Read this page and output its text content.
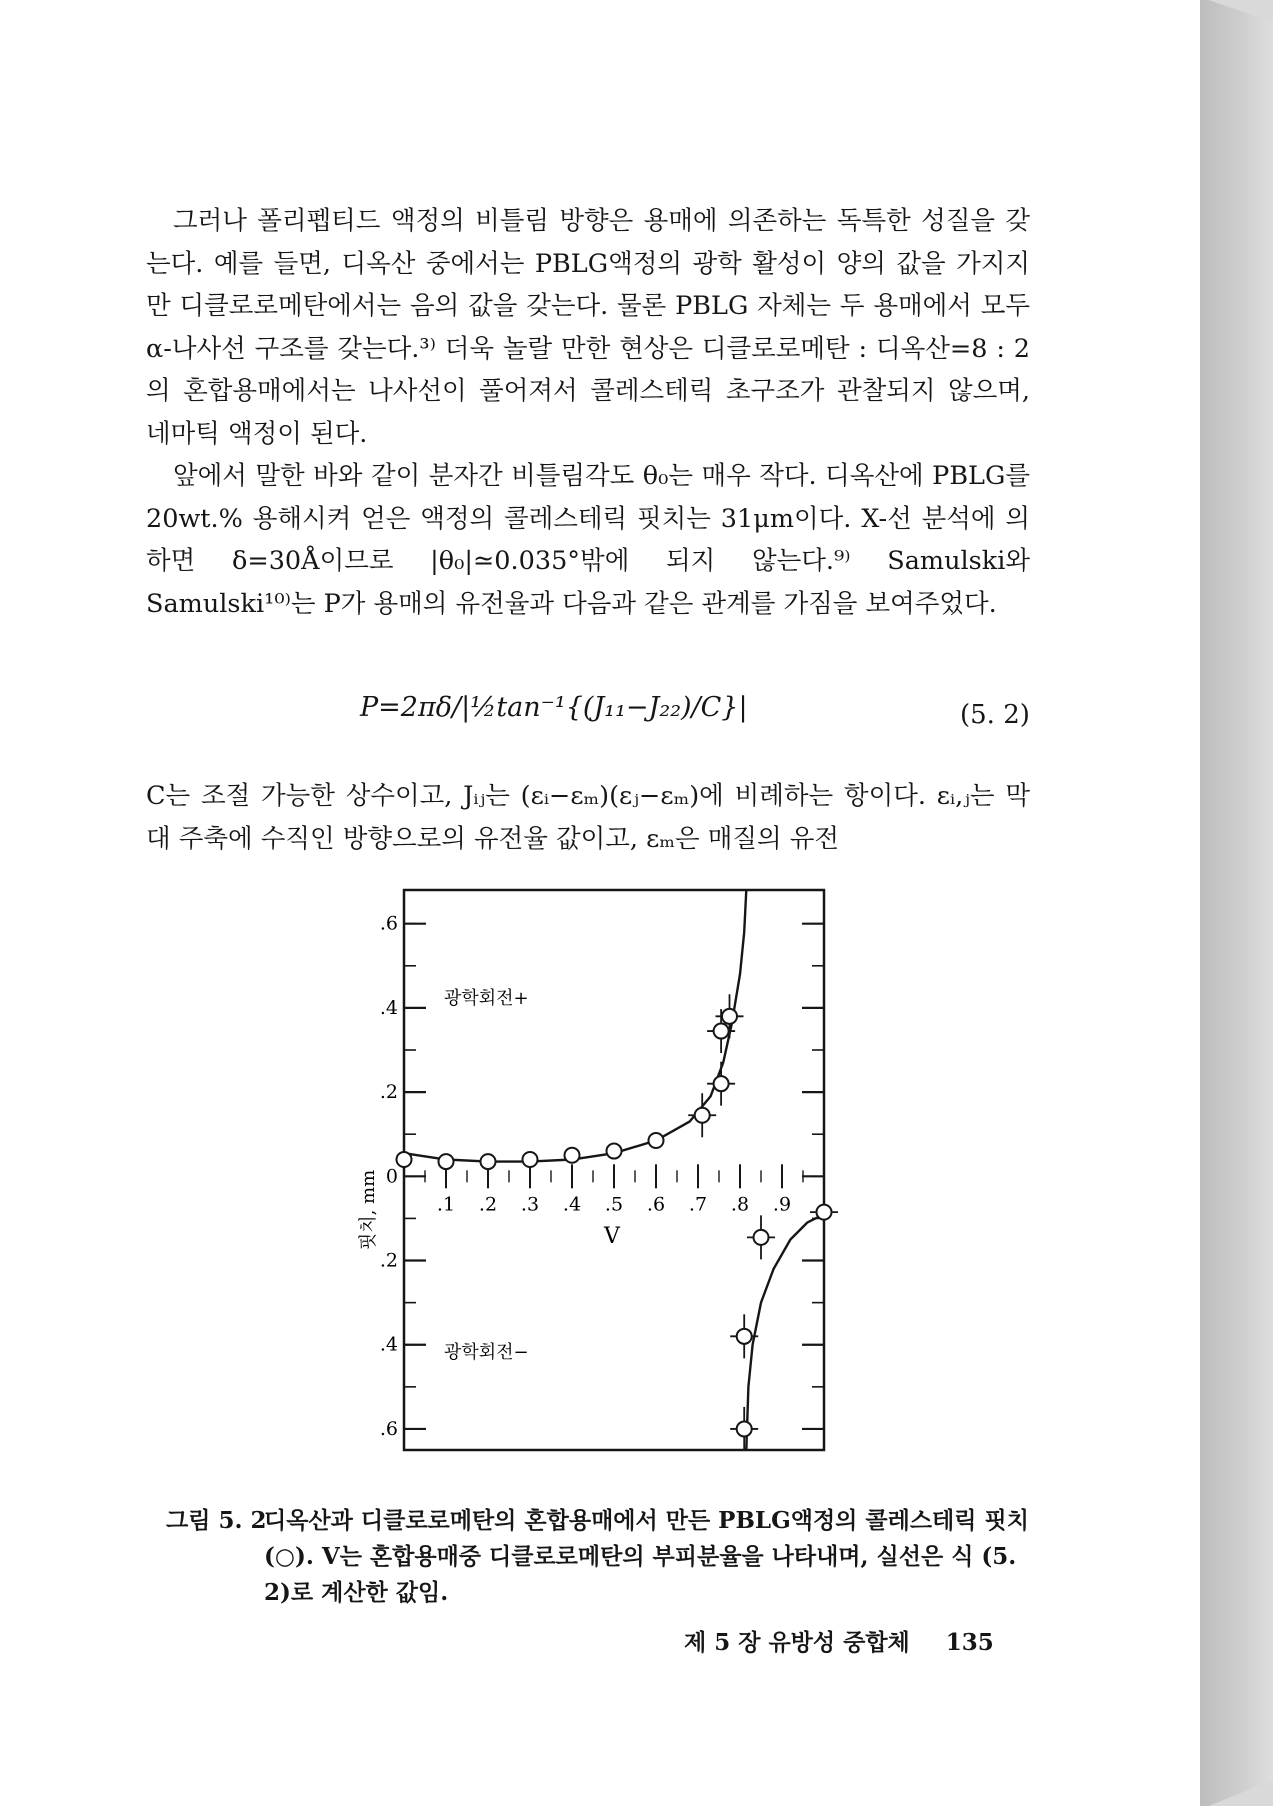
그러나 폴리펩티드 액정의 비틀림 방향은 용매에 의존하는 독특한 성질을 갖는다. 예를 들면, 디옥산 중에서는 PBLG액정의 광학 활성이 양의 값을 가지지만 디클로로메탄에서는 음의 값을 갖는다. 물론 PBLG 자체는 두 용매에서 모두 α-나사선 구조를 갖는다.³⁾ 더욱 놀랄 만한 현상은 디클로로메탄 : 디옥산=8 : 2의 혼합용매에서는 나사선이 풀어져서 콜레스테릭 초구조가 관찰되지 않으며, 네마틱 액정이 된다.

앞에서 말한 바와 같이 분자간 비틀림각도 θ₀는 매우 작다. 디옥산에 PBLG를 20wt.% 용해시켜 얻은 액정의 콜레스테릭 핏치는 31μm이다. X-선 분석에 의하면 δ=30Å이므로 |θ₀|≃0.035°밖에 되지 않는다.⁹⁾ Samulski와 Samulski¹⁰⁾는 P가 용매의 유전율과 다음과 같은 관계를 가짐을 보여주었다.

P=2πδ/|½tan⁻¹{(J₁₁−J₂₂)/C}|	(5. 2)

C는 조절 가능한 상수이고, Jᵢⱼ는 (εᵢ−εₘ)(εⱼ−εₘ)에 비례하는 항이다. εᵢ,ⱼ는 막대 주축에 수직인 방향으로의 유전율 값이고, εₘ은 매질의 유전

.6
.4
.2
0
.2
.4
.6
.1 .2 .3 .4 .5 .6 .7 .8 .9
핏치, mm	V
광학회전+
광학회전−
그림 5. 2
디옥산과 디클로로메탄의 혼합용매에서 만든 PBLG액정의 콜레스테릭 핏치(○). V는 혼합용매중 디클로로메탄의 부피분율을 나타내며, 실선은 식 (5. 2)로 계산한 값임.
제 5 장 유방성 중합체 135
